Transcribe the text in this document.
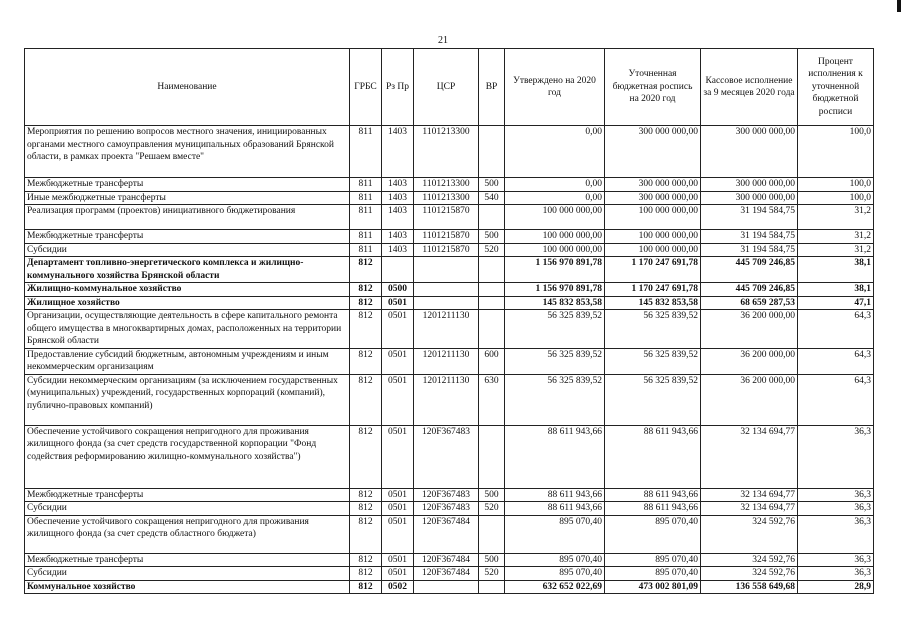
21
Наименование	ГРБС	Рз Пр	ЦСР	ВР	Утверждено на 2020 год	Уточненная бюджетная роспись на 2020 год	Кассовое исполнение за 9 месяцев 2020 года	Процент исполнения к уточненной бюджетной росписи
Мероприятия по решению вопросов местного значения, инициированных органами местного самоуправления муниципальных образований Брянской области, в рамках проекта "Решаем вместе"	811	1403	1101213300		0,00	300 000 000,00	300 000 000,00	100,0
Межбюджетные трансферты	811	1403	1101213300	500	0,00	300 000 000,00	300 000 000,00	100,0
Иные межбюджетные трансферты	811	1403	1101213300	540	0,00	300 000 000,00	300 000 000,00	100,0
Реализация программ (проектов) инициативного бюджетирования	811	1403	1101215870		100 000 000,00	100 000 000,00	31 194 584,75	31,2
Межбюджетные трансферты	811	1403	1101215870	500	100 000 000,00	100 000 000,00	31 194 584,75	31,2
Субсидии	811	1403	1101215870	520	100 000 000,00	100 000 000,00	31 194 584,75	31,2
Департамент топливно-энергетического комплекса и жилищно-коммунального хозяйства Брянской области	812				1 156 970 891,78	1 170 247 691,78	445 709 246,85	38,1
Жилищно-коммунальное хозяйство	812	0500			1 156 970 891,78	1 170 247 691,78	445 709 246,85	38,1
Жилищное хозяйство	812	0501			145 832 853,58	145 832 853,58	68 659 287,53	47,1
Организации, осуществляющие деятельность в сфере капитального ремонта общего имущества в многоквартирных домах, расположенных на территории Брянской области	812	0501	1201211130		56 325 839,52	56 325 839,52	36 200 000,00	64,3
Предоставление субсидий бюджетным, автономным учреждениям и иным некоммерческим организациям	812	0501	1201211130	600	56 325 839,52	56 325 839,52	36 200 000,00	64,3
Субсидии некоммерческим организациям (за исключением государственных (муниципальных) учреждений, государственных корпораций (компаний), публично-правовых компаний)	812	0501	1201211130	630	56 325 839,52	56 325 839,52	36 200 000,00	64,3
Обеспечение устойчивого сокращения непригодного для проживания жилищного фонда (за счет средств государственной корпорации "Фонд содействия реформированию жилищно-коммунального хозяйства")	812	0501	120F367483		88 611 943,66	88 611 943,66	32 134 694,77	36,3
Межбюджетные трансферты	812	0501	120F367483	500	88 611 943,66	88 611 943,66	32 134 694,77	36,3
Субсидии	812	0501	120F367483	520	88 611 943,66	88 611 943,66	32 134 694,77	36,3
Обеспечение устойчивого сокращения непригодного для проживания жилищного фонда (за счет средств областного бюджета)	812	0501	120F367484		895 070,40	895 070,40	324 592,76	36,3
Межбюджетные трансферты	812	0501	120F367484	500	895 070,40	895 070,40	324 592,76	36,3
Субсидии	812	0501	120F367484	520	895 070,40	895 070,40	324 592,76	36,3
Коммунальное хозяйство	812	0502			632 652 022,69	473 002 801,09	136 558 649,68	28,9
